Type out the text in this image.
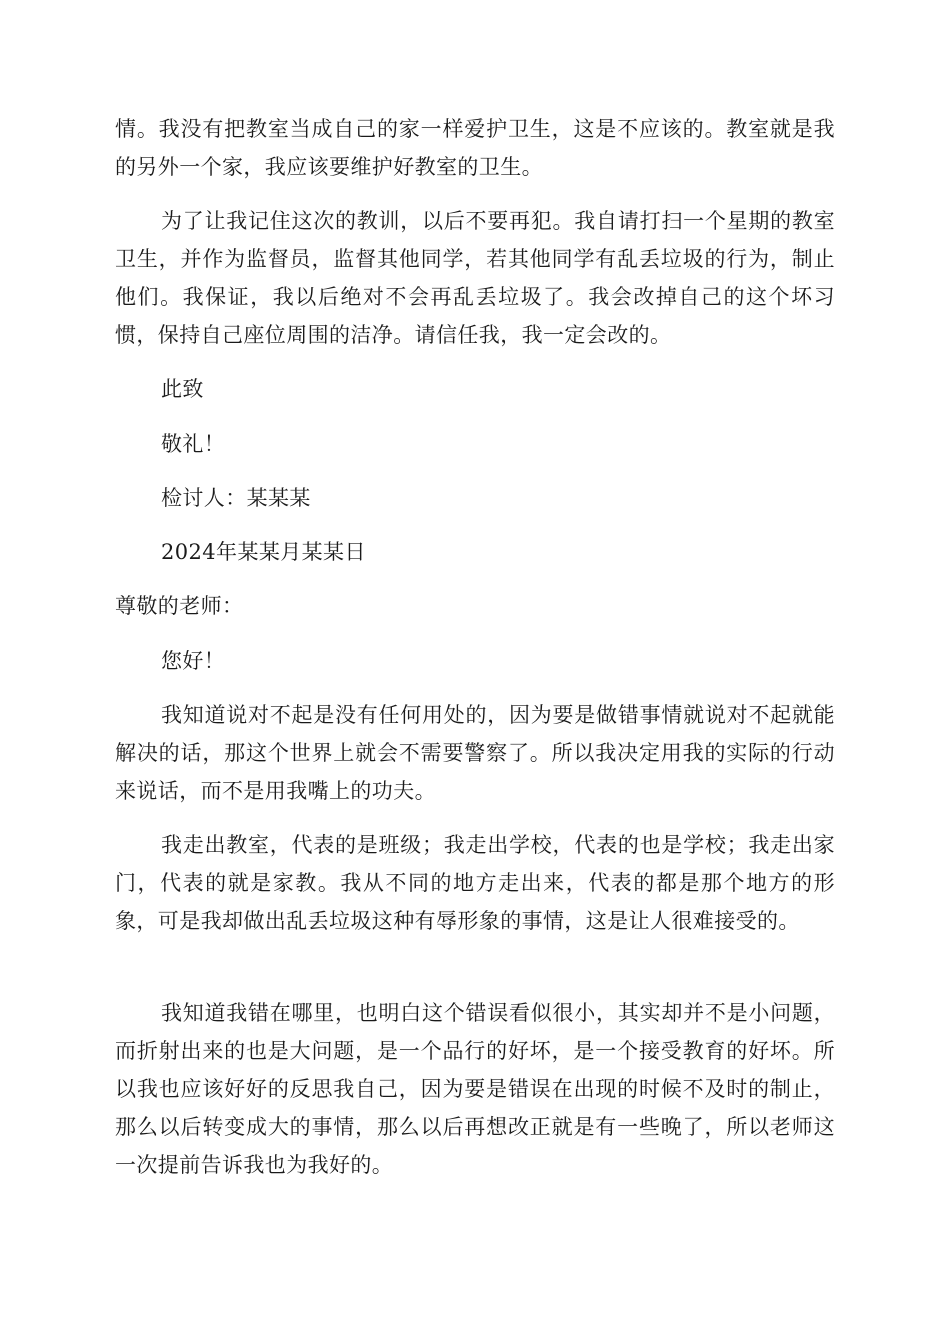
情。我没有把教室当成自己的家一样爱护卫生，这是不应该的。教室就是我的另外一个家，我应该要维护好教室的卫生。

为了让我记住这次的教训，以后不要再犯。我自请打扫一个星期的教室卫生，并作为监督员，监督其他同学，若其他同学有乱丢垃圾的行为，制止他们。我保证，我以后绝对不会再乱丢垃圾了。我会改掉自己的这个坏习惯，保持自己座位周围的洁净。请信任我，我一定会改的。

此致

敬礼！

检讨人：某某某

2024年某某月某某日

尊敬的老师：

您好！

我知道说对不起是没有任何用处的，因为要是做错事情就说对不起就能解决的话，那这个世界上就会不需要警察了。所以我决定用我的实际的行动来说话，而不是用我嘴上的功夫。

我走出教室，代表的是班级；我走出学校，代表的也是学校；我走出家门，代表的就是家教。我从不同的地方走出来，代表的都是那个地方的形象，可是我却做出乱丢垃圾这种有辱形象的事情，这是让人很难接受的。

我知道我错在哪里，也明白这个错误看似很小，其实却并不是小问题，而折射出来的也是大问题，是一个品行的好坏，是一个接受教育的好坏。所以我也应该好好的反思我自己，因为要是错误在出现的时候不及时的制止，那么以后转变成大的事情，那么以后再想改正就是有一些晚了，所以老师这一次提前告诉我也为我好的。
